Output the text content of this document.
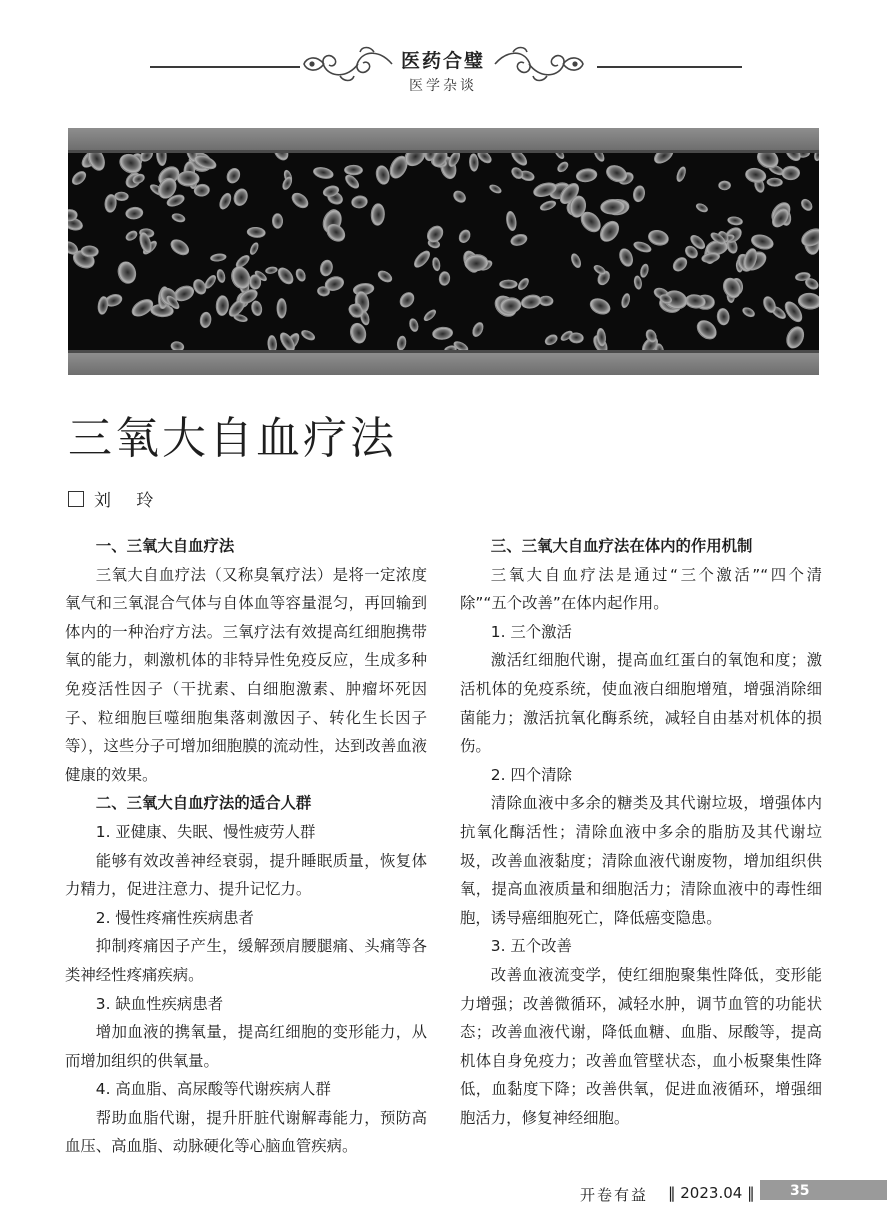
医药合璧
医学杂谈
三氧大自血疗法
刘 玲

一、三氧大自血疗法

三氧大自血疗法（又称臭氧疗法）是将一定浓度氧气和三氧混合气体与自体血等容量混匀，再回输到体内的一种治疗方法。三氧疗法有效提高红细胞携带氧的能力，刺激机体的非特异性免疫反应，生成多种免疫活性因子（干扰素、白细胞激素、肿瘤坏死因子、粒细胞巨噬细胞集落刺激因子、转化生长因子等），这些分子可增加细胞膜的流动性，达到改善血液健康的效果。

二、三氧大自血疗法的适合人群

1. 亚健康、失眠、慢性疲劳人群

能够有效改善神经衰弱，提升睡眠质量，恢复体力精力，促进注意力、提升记忆力。

2. 慢性疼痛性疾病患者

抑制疼痛因子产生，缓解颈肩腰腿痛、头痛等各类神经性疼痛疾病。

3. 缺血性疾病患者

增加血液的携氧量，提高红细胞的变形能力，从而增加组织的供氧量。

4. 高血脂、高尿酸等代谢疾病人群

帮助血脂代谢，提升肝脏代谢解毒能力，预防高血压、高血脂、动脉硬化等心脑血管疾病。

三、三氧大自血疗法在体内的作用机制

三氧大自血疗法是通过“三个激活”“四个清除”“五个改善”在体内起作用。

1. 三个激活

激活红细胞代谢，提高血红蛋白的氧饱和度；激活机体的免疫系统，使血液白细胞增殖，增强消除细菌能力；激活抗氧化酶系统，减轻自由基对机体的损伤。

2. 四个清除

清除血液中多余的糖类及其代谢垃圾，增强体内抗氧化酶活性；清除血液中多余的脂肪及其代谢垃圾，改善血液黏度；清除血液代谢废物，增加组织供氧，提高血液质量和细胞活力；清除血液中的毒性细胞，诱导癌细胞死亡，降低癌变隐患。

3. 五个改善

改善血液流变学，使红细胞聚集性降低，变形能力增强；改善微循环，减轻水肿，调节血管的功能状态；改善血液代谢，降低血糖、血脂、尿酸等，提高机体自身免疫力；改善血管壁状态，血小板聚集性降低，血黏度下降；改善供氧，促进血液循环，增强细胞活力，修复神经细胞。

开卷有益 ‖ 2023.04 ‖	35
